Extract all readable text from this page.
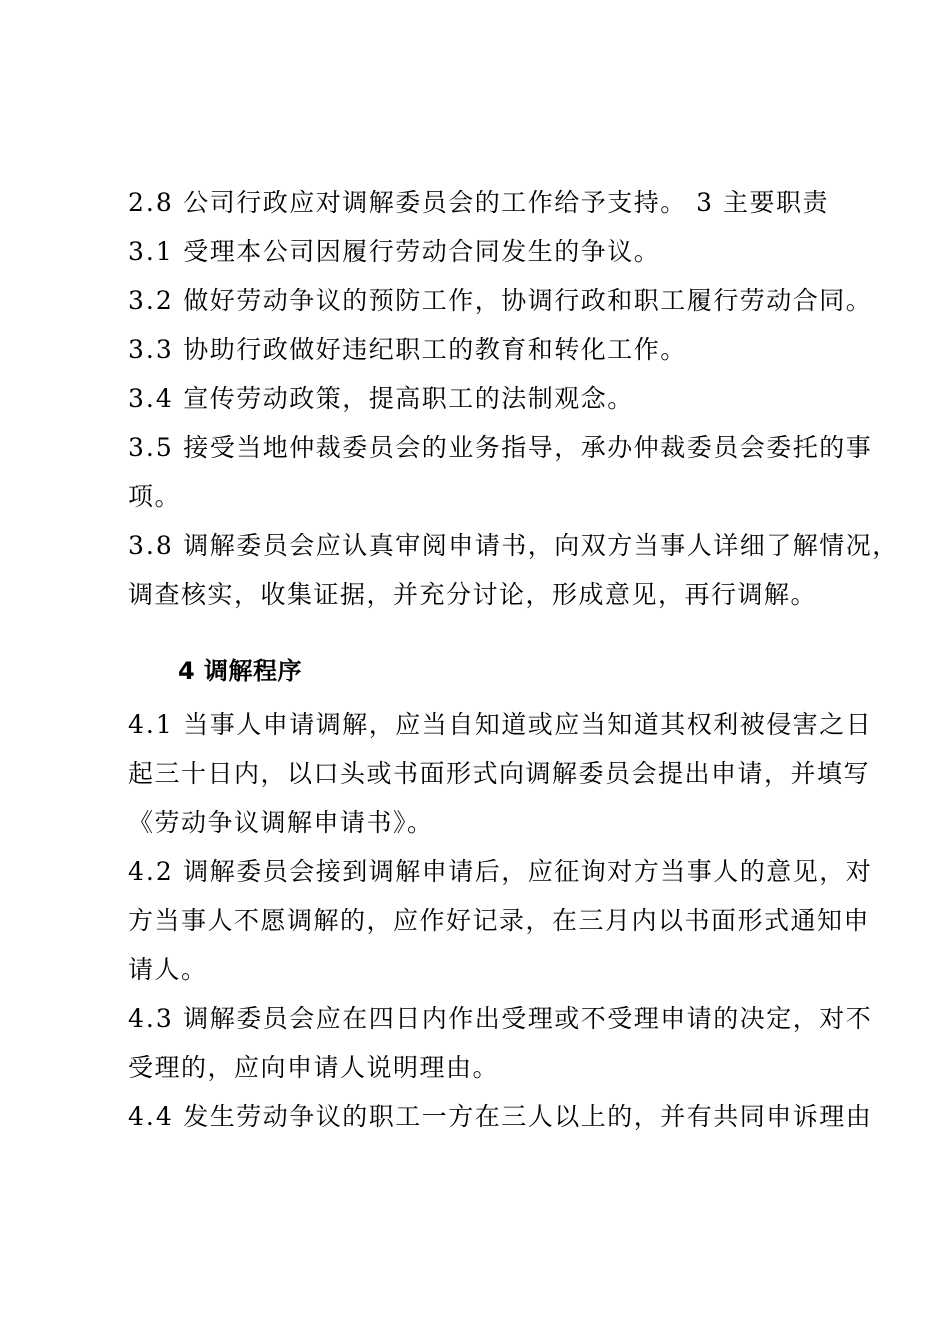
2.8 公司行政应对调解委员会的工作给予支持。 3 主要职责
3.1 受理本公司因履行劳动合同发生的争议。
3.2 做好劳动争议的预防工作，协调行政和职工履行劳动合同。
3.3 协助行政做好违纪职工的教育和转化工作。
3.4 宣传劳动政策，提高职工的法制观念。
3.5 接受当地仲裁委员会的业务指导，承办仲裁委员会委托的事
项。
3.8 调解委员会应认真审阅申请书，向双方当事人详细了解情况，
调查核实，收集证据，并充分讨论，形成意见，再行调解。
4 调解程序
4.1 当事人申请调解，应当自知道或应当知道其权利被侵害之日
起三十日内，以口头或书面形式向调解委员会提出申请，并填写
《劳动争议调解申请书》。
4.2 调解委员会接到调解申请后，应征询对方当事人的意见，对
方当事人不愿调解的，应作好记录，在三月内以书面形式通知申
请人。
4.3 调解委员会应在四日内作出受理或不受理申请的决定，对不
受理的，应向申请人说明理由。
4.4 发生劳动争议的职工一方在三人以上的，并有共同申诉理由
